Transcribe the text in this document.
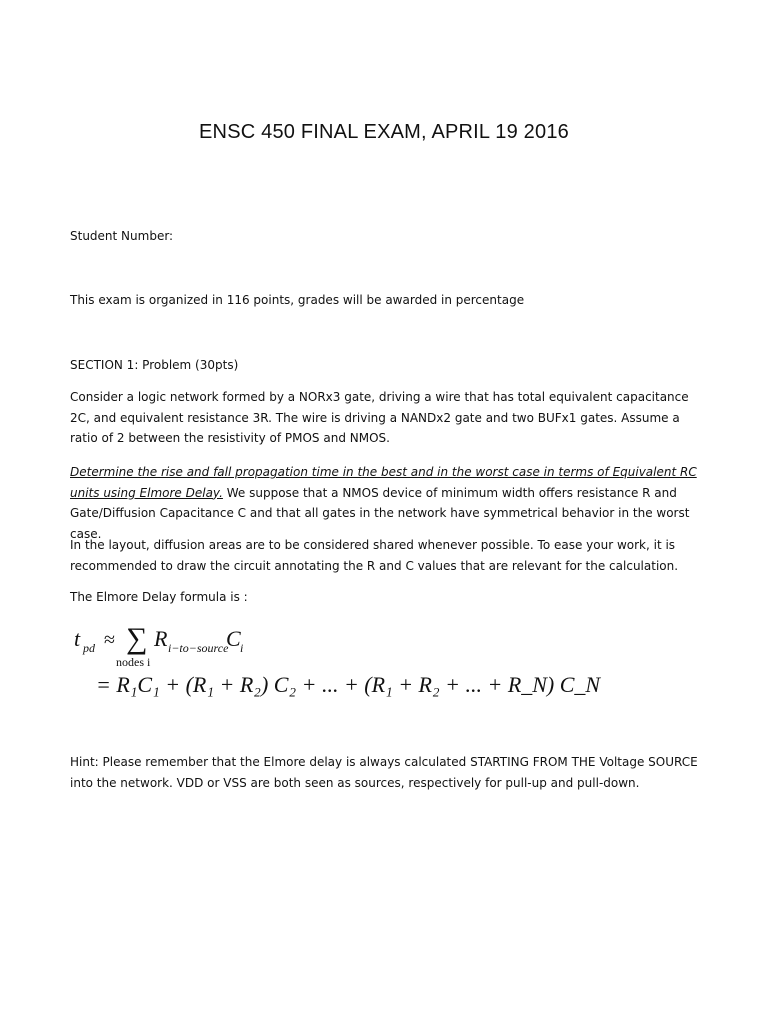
ENSC 450 FINAL EXAM, APRIL 19 2016
Student Number:
This exam is organized in 116 points, grades will be awarded in percentage
SECTION 1: Problem (30pts)
Consider a logic network formed by a NORx3 gate, driving a wire that has total equivalent capacitance 2C, and equivalent resistance 3R. The wire is driving a NANDx2 gate and two BUFx1 gates. Assume a ratio of 2 between the resistivity of PMOS and NMOS.
Determine the rise and fall propagation time in the best and in the worst case in terms of Equivalent RC units using Elmore Delay. We suppose that a NMOS device of minimum width offers resistance R and Gate/Diffusion Capacitance C and that all gates in the network have symmetrical behavior in the worst case.
In the layout, diffusion areas are to be considered shared whenever possible. To ease your work, it is recommended to draw the circuit annotating the R and C values that are relevant for the calculation.
The Elmore Delay formula is :
t pd ≈ ∑
nodes i
R i−to−source
C i
= R₁C₁ + (R₁ + R₂) C₂ + ... + (R₁ + R₂ + ... + R_N) C_N
Hint: Please remember that the Elmore delay is always calculated STARTING FROM THE Voltage SOURCE into the network. VDD or VSS are both seen as sources, respectively for pull-up and pull-down.
